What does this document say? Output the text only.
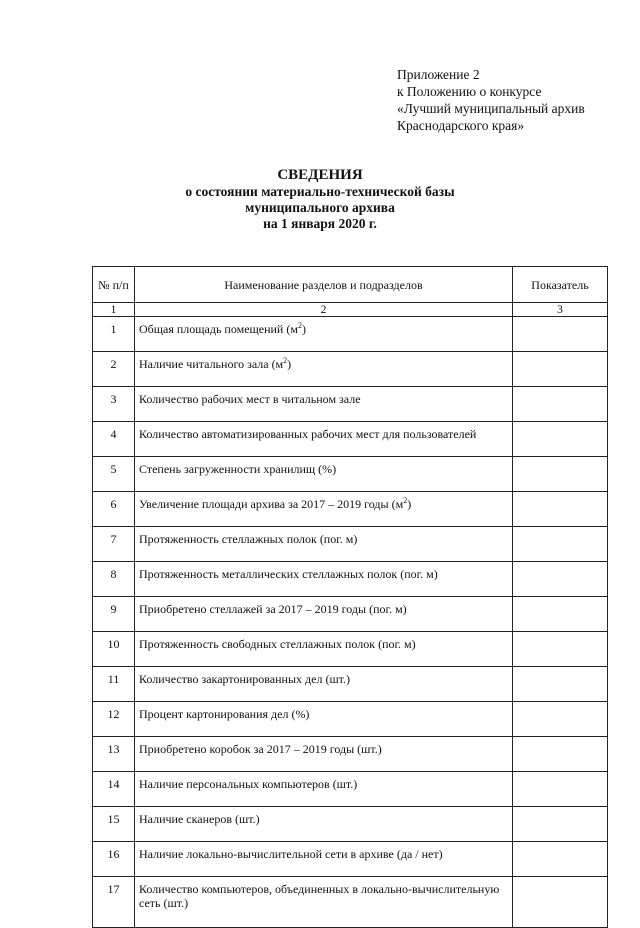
Приложение 2
к Положению о конкурсе
«Лучший муниципальный архив
Краснодарского края»
СВЕДЕНИЯ
о состоянии материально-технической базы
муниципального архива
на 1 января 2020 г.
№ п/п	Наименование разделов и подразделов	Показатель
1	2	3
1	Общая площадь помещений $(м^2)$	
2	Наличие читального зала $(м^2)$	
3	Количество рабочих мест в читальном зале	
4	Количество автоматизированных рабочих мест для пользователей	
5	Степень загруженности хранилищ (%)	
6	Увеличение площади архива за 2017 – 2019 годы $(м^2)$	
7	Протяженность стеллажных полок (пог. м)	
8	Протяженность металлических стеллажных полок (пог. м)	
9	Приобретено стеллажей за 2017 – 2019 годы (пог. м)	
10	Протяженность свободных стеллажных полок (пог. м)	
11	Количество закартонированных дел (шт.)	
12	Процент картонирования дел (%)	
13	Приобретено коробок за 2017 – 2019 годы (шт.)	
14	Наличие персональных компьютеров (шт.)	
15	Наличие сканеров (шт.)	
16	Наличие локально-вычислительной сети в архиве (да / нет)	
17	Количество компьютеров, объединенных в локально-вычислительную сеть (шт.)	
